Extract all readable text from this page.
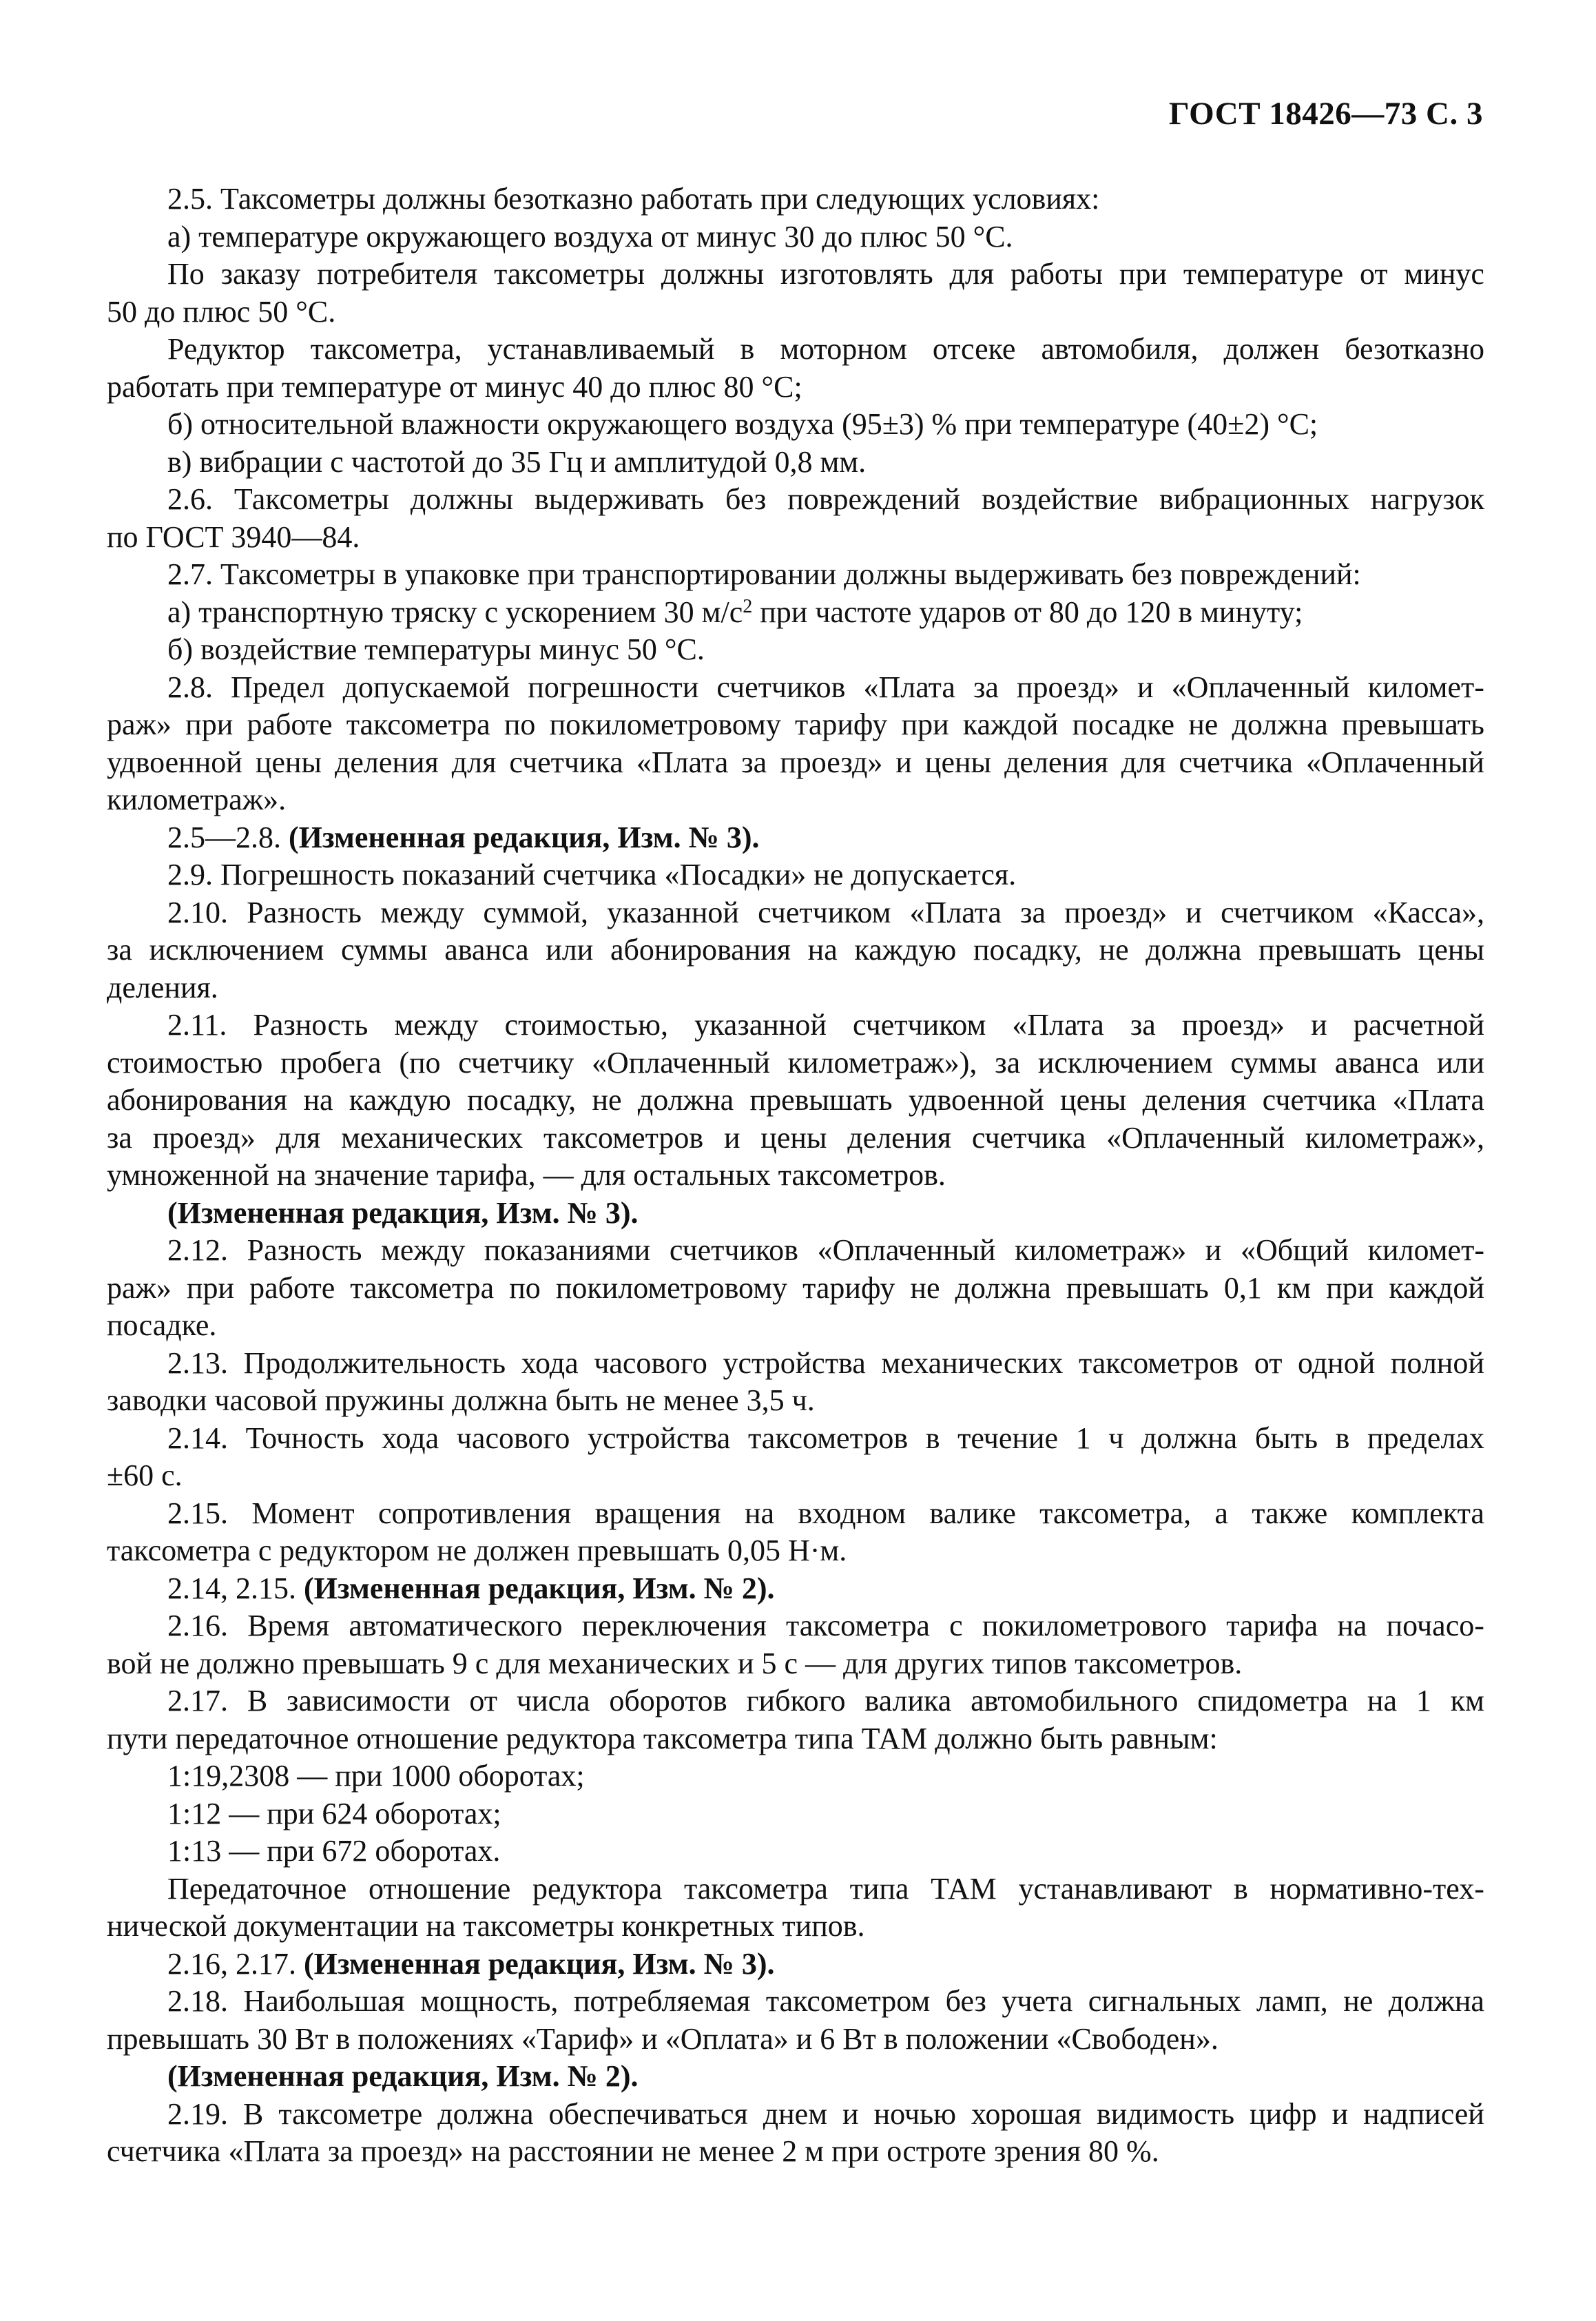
ГОСТ 18426—73 С. 3

2.5. Таксометры должны безотказно работать при следующих условиях:

а) температуре окружающего воздуха от минус 30 до плюс 50 °С.

По заказу потребителя таксометры должны изготовлять для работы при температуре от минус

50 до плюс 50 °С.

Редуктор таксометра, устанавливаемый в моторном отсеке автомобиля, должен безотказно

работать при температуре от минус 40 до плюс 80 °С;

б) относительной влажности окружающего воздуха (95±3) % при температуре (40±2) °С;

в) вибрации с частотой до 35 Гц и амплитудой 0,8 мм.

2.6. Таксометры должны выдерживать без повреждений воздействие вибрационных нагрузок

по ГОСТ 3940—84.

2.7. Таксометры в упаковке при транспортировании должны выдерживать без повреждений:

а) транспортную тряску с ускорением 30 $м/с^2$ при частоте ударов от 80 до 120 в минуту;

б) воздействие температуры минус 50 °С.

2.8. Предел допускаемой погрешности счетчиков «Плата за проезд» и «Оплаченный километ-

раж» при работе таксометра по покилометровому тарифу при каждой посадке не должна превышать

удвоенной цены деления для счетчика «Плата за проезд» и цены деления для счетчика «Оплаченный

километраж».

2.5—2.8. (Измененная редакция, Изм. № 3).

2.9. Погрешность показаний счетчика «Посадки» не допускается.

2.10. Разность между суммой, указанной счетчиком «Плата за проезд» и счетчиком «Касса»,

за исключением суммы аванса или абонирования на каждую посадку, не должна превышать цены

деления.

2.11. Разность между стоимостью, указанной счетчиком «Плата за проезд» и расчетной

стоимостью пробега (по счетчику «Оплаченный километраж»), за исключением суммы аванса или

абонирования на каждую посадку, не должна превышать удвоенной цены деления счетчика «Плата

за проезд» для механических таксометров и цены деления счетчика «Оплаченный километраж»,

умноженной на значение тарифа, — для остальных таксометров.

(Измененная редакция, Изм. № 3).

2.12. Разность между показаниями счетчиков «Оплаченный километраж» и «Общий километ-

раж» при работе таксометра по покилометровому тарифу не должна превышать 0,1 км при каждой

посадке.

2.13. Продолжительность хода часового устройства механических таксометров от одной полной

заводки часовой пружины должна быть не менее 3,5 ч.

2.14. Точность хода часового устройства таксометров в течение 1 ч должна быть в пределах

±60 с.

2.15. Момент сопротивления вращения на входном валике таксометра, а также комплекта

таксометра с редуктором не должен превышать 0,05 Н·м.

2.14, 2.15. (Измененная редакция, Изм. № 2).

2.16. Время автоматического переключения таксометра с покилометрового тарифа на почасо-

вой не должно превышать 9 с для механических и 5 с — для других типов таксометров.

2.17. В зависимости от числа оборотов гибкого валика автомобильного спидометра на 1 км

пути передаточное отношение редуктора таксометра типа ТАМ должно быть равным:

1:19,2308 — при 1000 оборотах;

1:12 — при 624 оборотах;

1:13 — при 672 оборотах.

Передаточное отношение редуктора таксометра типа ТАМ устанавливают в нормативно-тех-

нической документации на таксометры конкретных типов.

2.16, 2.17. (Измененная редакция, Изм. № 3).

2.18. Наибольшая мощность, потребляемая таксометром без учета сигнальных ламп, не должна

превышать 30 Вт в положениях «Тариф» и «Оплата» и 6 Вт в положении «Свободен».

(Измененная редакция, Изм. № 2).

2.19. В таксометре должна обеспечиваться днем и ночью хорошая видимость цифр и надписей

счетчика «Плата за проезд» на расстоянии не менее 2 м при остроте зрения 80 %.
